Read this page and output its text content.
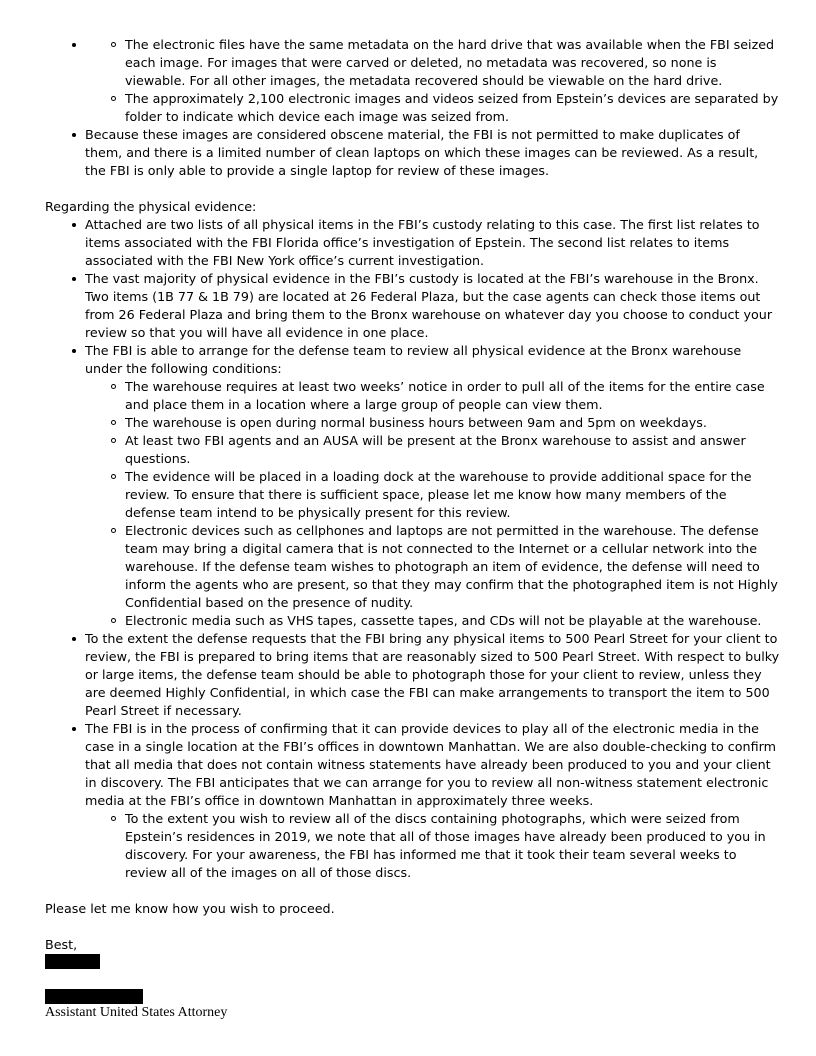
The electronic files have the same metadata on the hard drive that was available when the FBI seized each image. For images that were carved or deleted, no metadata was recovered, so none is viewable. For all other images, the metadata recovered should be viewable on the hard drive.
The approximately 2,100 electronic images and videos seized from Epstein’s devices are separated by folder to indicate which device each image was seized from.
Because these images are considered obscene material, the FBI is not permitted to make duplicates of them, and there is a limited number of clean laptops on which these images can be reviewed. As a result, the FBI is only able to provide a single laptop for review of these images.

Regarding the physical evidence:

Attached are two lists of all physical items in the FBI’s custody relating to this case. The first list relates to items associated with the FBI Florida office’s investigation of Epstein. The second list relates to items associated with the FBI New York office’s current investigation.
The vast majority of physical evidence in the FBI’s custody is located at the FBI’s warehouse in the Bronx. Two items (1B 77 & 1B 79) are located at 26 Federal Plaza, but the case agents can check those items out from 26 Federal Plaza and bring them to the Bronx warehouse on whatever day you choose to conduct your review so that you will have all evidence in one place.
The FBI is able to arrange for the defense team to review all physical evidence at the Bronx warehouse under the following conditions:
The warehouse requires at least two weeks’ notice in order to pull all of the items for the entire case and place them in a location where a large group of people can view them.
The warehouse is open during normal business hours between 9am and 5pm on weekdays.
At least two FBI agents and an AUSA will be present at the Bronx warehouse to assist and answer questions.
The evidence will be placed in a loading dock at the warehouse to provide additional space for the review. To ensure that there is sufficient space, please let me know how many members of the defense team intend to be physically present for this review.
Electronic devices such as cellphones and laptops are not permitted in the warehouse. The defense team may bring a digital camera that is not connected to the Internet or a cellular network into the warehouse. If the defense team wishes to photograph an item of evidence, the defense will need to inform the agents who are present, so that they may confirm that the photographed item is not Highly Confidential based on the presence of nudity.
Electronic media such as VHS tapes, cassette tapes, and CDs will not be playable at the warehouse.
To the extent the defense requests that the FBI bring any physical items to 500 Pearl Street for your client to review, the FBI is prepared to bring items that are reasonably sized to 500 Pearl Street. With respect to bulky or large items, the defense team should be able to photograph those for your client to review, unless they are deemed Highly Confidential, in which case the FBI can make arrangements to transport the item to 500 Pearl Street if necessary.
The FBI is in the process of confirming that it can provide devices to play all of the electronic media in the case in a single location at the FBI’s offices in downtown Manhattan. We are also double-checking to confirm that all media that does not contain witness statements have already been produced to you and your client in discovery. The FBI anticipates that we can arrange for you to review all non-witness statement electronic media at the FBI’s office in downtown Manhattan in approximately three weeks.
To the extent you wish to review all of the discs containing photographs, which were seized from Epstein’s residences in 2019, we note that all of those images have already been produced to you in discovery. For your awareness, the FBI has informed me that it took their team several weeks to review all of the images on all of those discs.

Please let me know how you wish to proceed.

Best,

Assistant United States Attorney
